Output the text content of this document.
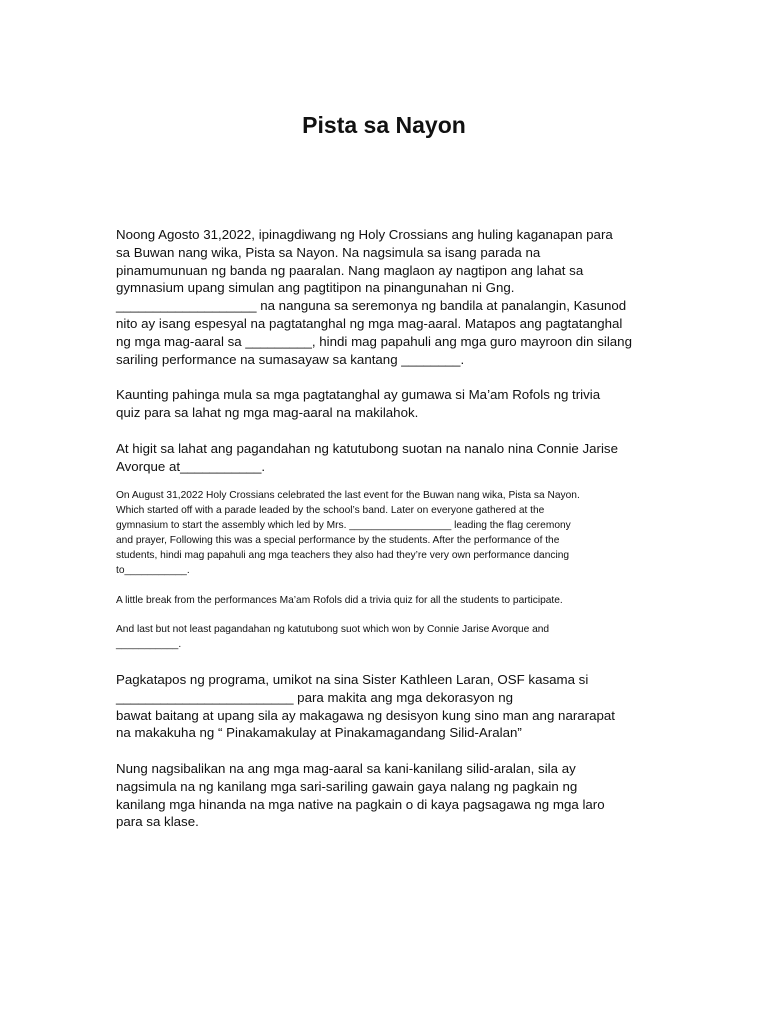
Pista sa Nayon
Noong Agosto 31,2022, ipinagdiwang ng Holy Crossians ang huling kaganapan para
sa Buwan nang wika, Pista sa Nayon. Na nagsimula sa isang parada na
pinamumunuan ng banda ng paaralan. Nang maglaon ay nagtipon ang lahat sa
gymnasium upang simulan ang pagtitipon na pinangunahan ni Gng.
___________________ na nanguna sa seremonya ng bandila at panalangin, Kasunod
nito ay isang espesyal na pagtatanghal ng mga mag-aaral. Matapos ang pagtatanghal
ng mga mag-aaral sa _________, hindi mag papahuli ang mga guro mayroon din silang
sariling performance na sumasayaw sa kantang ________.
Kaunting pahinga mula sa mga pagtatanghal ay gumawa si Ma’am Rofols ng trivia
quiz para sa lahat ng mga mag-aaral na makilahok.
At higit sa lahat ang pagandahan ng katutubong suotan na nanalo nina Connie Jarise
Avorque at___________.
On August 31,2022 Holy Crossians celebrated the last event for the Buwan nang wika, Pista sa Nayon.
Which started off with a parade leaded by the school’s band. Later on everyone gathered at the
gymnasium to start the assembly which led by Mrs. __________________ leading the flag ceremony
and prayer, Following this was a special performance by the students. After the performance of the
students, hindi mag papahuli ang mga teachers they also had they’re very own performance dancing
to___________.
A little break from the performances Ma’am Rofols did a trivia quiz for all the students to participate.
And last but not least pagandahan ng katutubong suot which won by Connie Jarise Avorque and
___________.
Pagkatapos ng programa, umikot na sina Sister Kathleen Laran, OSF kasama si
________________________ para makita ang mga dekorasyon ng
bawat baitang at upang sila ay makagawa ng desisyon kung sino man ang nararapat
na makakuha ng “ Pinakamakulay at Pinakamagandang Silid-Aralan”
Nung nagsibalikan na ang mga mag-aaral sa kani-kanilang silid-aralan, sila ay
nagsimula na ng kanilang mga sari-sariling gawain gaya nalang ng pagkain ng
kanilang mga hinanda na mga native na pagkain o di kaya pagsagawa ng mga laro
para sa klase.
